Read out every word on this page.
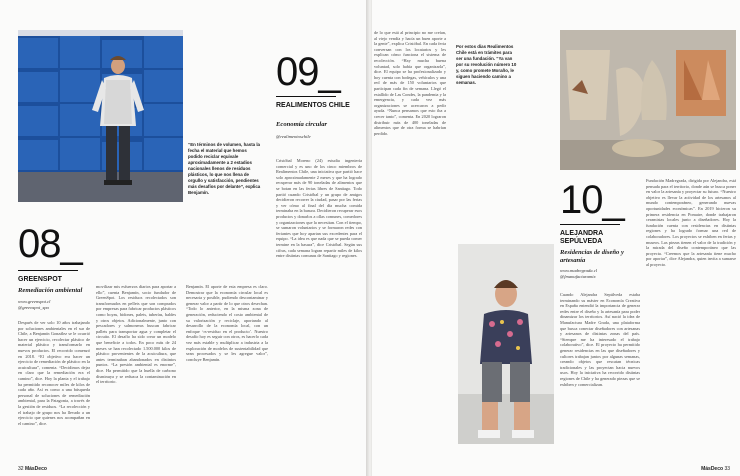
“En términos de volumen, hasta la fecha el material que hemos podido reciclar equivale aproximadamente a 2 estadios nacionales llenos de residuos plásticos, lo que nos llena de orgullo y satisfacción, pendientes más desafíos por delante”, explica Benjamín.
08_
GREENSPOT
Remediación ambiental
www.greenspot.cl
@greenspot_spa
Después de ver solo 10 años trabajando por soluciones ambientales en el sur de Chile, a Benjamín González se le ocurrió hacer un ejercicio, recolectar plástico de material plástico y transformarlo en nuevos productos. El recorrido comenzó en 2018. “El objetivo era hacer un ejercicio de remediación de plástico en la acuicultura”, comenta. “Decidimos dejar en claro que la remediación era el camino”, dice. Hoy la planta y el trabajo ha permitido reconocer miles de kilos de cada año. Así es como a una búsqueda personal de soluciones de remediación ambiental, para la Patagonia, a través de la gestión de residuos. “La recolección y el trabajo de grupo nos ha llevado a un ejercicio que quienes nos acompañan en el camino”, dice.
movilizar mis esfuerzos diarios para aportar a ello”, cuenta Benjamín, socio fundador de GreenSpot. Los residuos recolectados son transformados en pellets que son comprados por empresas para fabricar productos plásticos como boyas, bidones, palets, tuberías, baldes y otros objetos. Adicionalmente, junto con pescadores y salmoneras buscan fabricar pallets para transportar agua y completar el circuito. El desafío ha sido crear un modelo que beneficie a todos. En poco más de 24 meses se han recolectado 1.500.000 kilos de plástico provenientes de la acuicultura, que antes terminaban abandonados en distintos puntos. “La presión ambiental es enorme”, dice. Ha permitido que la huella de carbono disminuya y se reduzca la contaminación en el territorio.
Benjamín. El aporte de esta empresa es claro. Demostrar que la economía circular local es necesaria y posible, pudiendo descontaminar y generar valor a partir de lo que otros desechan. “Todo lo anterior, en la misma zona de generación, reduciendo el costo ambiental de su valorización y reciclaje, aportando al desarrollo de la economía local, con un enfoque ‘rs-residuo en el producto’. Nuestro desafío hoy es seguir con otros, es hacerlo cada vez más estable y multiplicar a industria a la exploración de modelos de sustentabilidad que sean procesados y se les agregue valor”, concluye Benjamín.
09_
REALIMENTOS CHILE
Economía circular
@realimentoschile
Cristóbal Moreno (24) estudia ingeniería comercial y es uno de los cinco miembros de Realimentos Chile, una iniciativa que partió hace solo aproximadamente 2 meses y que ha logrado recuperar más de 90 toneladas de alimentos que se botan en las ferias libres de Santiago. Todo partió cuando Cristóbal y un grupo de amigos decidieron recorrer la ciudad, pasar por las ferias y ver cómo al final del día mucha comida terminaba en la basura. Decidieron recuperar esos productos y donarlos a ollas comunes, comedores y organizaciones que la necesitan. Con el tiempo, se sumaron voluntarios y se formaron redes con feriantes que hoy apartan sus excedentes para el equipo. “La idea es que nada que se pueda comer termine en la basura”, dice Cristóbal. Según sus cifras, cada semana logran repartir miles de kilos entre distintas comunas de Santiago y regiones.
32 MásDeco
de lo que está al principio no me creían, al viejo vendía y hacía un buen aporte a la gente”, explica Cristóbal. En cada feria conversan con los locatarios y les explican cómo funciona el sistema de recolección. “Hay mucha buena voluntad, solo había que organizarla”, dice. El equipo se ha profesionalizado y hoy cuenta con bodegas, vehículos y una red de más de 150 voluntarios que participan cada fin de semana. Llegó el estallido de Las Condes, la pandemia y la emergencia, y cada vez más organizaciones se acercaron a pedir ayuda. “Nunca pensamos que esto iba a crecer tanto”, comenta. En 2020 lograron distribuir más de 400 toneladas de alimentos que de otra forma se habrían perdido.
Por estos días Realimentos Chile está en trámites para ser una fundación. “Ya van por su revolución número 10 y, como promete Moraño, le siguen haciendo camino a semanas.
10_
ALEJANDRA SEPÚLVEDA
Residencias de diseño y artesanía
www.madregrada.cl
@fmanufacturamix
Cuando Alejandra Sepúlveda estaba terminando su máster en Economía Creativa en España entendió la importancia de generar redes entre el diseño y la artesanía para poder dinamizar los territorios. Así nació la idea de Manufactura Madre Grada, una plataforma que busca conectar diseñadores con artesanas y artesanos de distintas zonas del país. “Siempre me ha interesado el trabajo colaborativo”, dice. El proyecto ha permitido generar residencias en las que diseñadores y cultores trabajan juntos por algunas semanas, creando objetos que rescatan técnicas tradicionales y las proyectan hacia nuevos usos. Hoy la iniciativa ha recorrido distintas regiones de Chile y ha generado piezas que se exhiben y comercializan.
Fundación Madregrada, dirigida por Alejandra, está pensada para el territorio, donde aún se busca poner en valor la artesanía y proyectar su futuro. “Nuestro objetivo es llevar la actividad de los artesanos al mundo contemporáneo, generando nuevas oportunidades económicas”. En 2019 hicieron su primera residencia en Pomaire, donde trabajaron ceramistas locales junto a diseñadores. Hoy la fundación cuenta con residencias en distintas regiones y ha logrado formar una red de colaboradores. Los proyectos se exhiben en ferias y museos. Las piezas tienen el valor de la tradición y la mirada del diseño contemporáneo que las proyecta. “Creemos que la artesanía tiene mucho por aportar”, dice Alejandra, quien invita a sumarse al proyecto.
MásDeco 33
